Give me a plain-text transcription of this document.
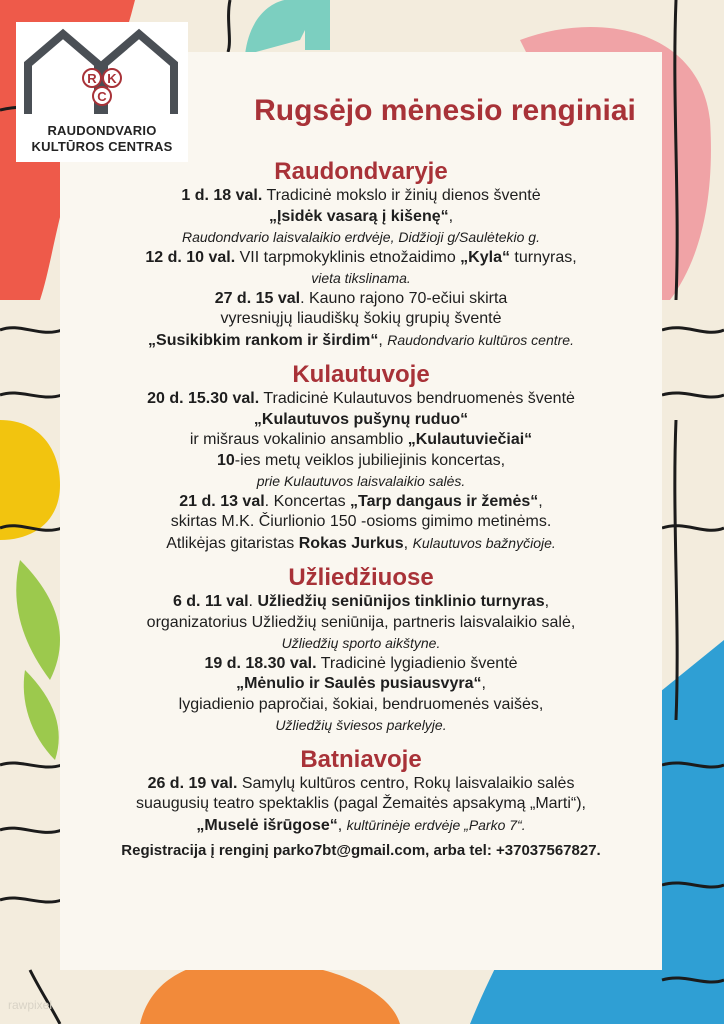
R K
C
RAUDONDVARIO
KULTŪROS CENTRAS
Rugsėjo mėnesio renginiai
Raudondvaryje
1 d. 18 val. Tradicinė mokslo ir žinių dienos šventė
„Įsidėk vasarą į kišenę“,
Raudondvario laisvalaikio erdvėje, Didžioji g/Saulėtekio g.
12 d. 10 val. VII tarpmokyklinis etnožaidimo „Kyla“ turnyras,
vieta tikslinama.
27 d. 15 val. Kauno rajono 70-ečiui skirta
vyresniųjų liaudiškų šokių grupių šventė
„Susikibkim rankom ir širdim“, Raudondvario kultūros centre.
Kulautuvoje
20 d. 15.30 val. Tradicinė Kulautuvos bendruomenės šventė
„Kulautuvos pušynų ruduo“
ir mišraus vokalinio ansamblio „Kulautuviečiai“
10-ies metų veiklos jubiliejinis koncertas,
prie Kulautuvos laisvalaikio salės.
21 d. 13 val. Koncertas „Tarp dangaus ir žemės“,
skirtas M.K. Čiurlionio 150 -osioms gimimo metinėms.
Atlikėjas gitaristas Rokas Jurkus, Kulautuvos bažnyčioje.
Užliedžiuose
6 d. 11 val. Užliedžių seniūnijos tinklinio turnyras,
organizatorius Užliedžių seniūnija, partneris laisvalaikio salė,
Užliedžių sporto aikštyne.
19 d. 18.30 val. Tradicinė lygiadienio šventė
„Mėnulio ir Saulės pusiausvyra“,
lygiadienio papročiai, šokiai, bendruomenės vaišės,
Užliedžių šviesos parkelyje.
Batniavoje
26 d. 19 val. Samylų kultūros centro, Rokų laisvalaikio salės
suaugusių teatro spektaklis (pagal Žemaitės apsakymą „Marti“),
„Muselė išrūgose“, kultūrinėje erdvėje „Parko 7“.
Registracija į renginį parko7bt@gmail.com, arba tel: +37037567827.
rawpixel
